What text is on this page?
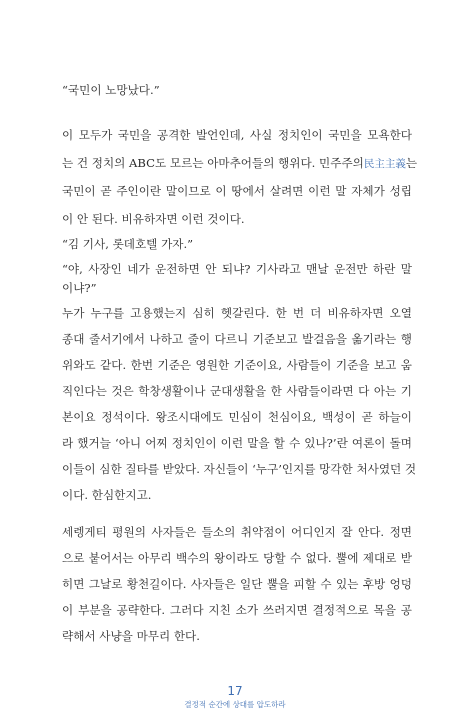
“국민이 노망났다.”
이 모두가 국민을 공격한 발언인데, 사실 정치인이 국민을 모욕한다
는 건 정치의 ABC도 모르는 아마추어들의 행위다. 민주주의民主主義는
국민이 곧 주인이란 말이므로 이 땅에서 살려면 이런 말 자체가 성립
이 안 된다. 비유하자면 이런 것이다.
“김 기사, 롯데호텔 가자.”
“야, 사장인 네가 운전하면 안 되냐? 기사라고 맨날 운전만 하란 말
이냐?”
누가 누구를 고용했는지 심히 헷갈린다. 한 번 더 비유하자면 오열
종대 줄서기에서 나하고 줄이 다르니 기준보고 발걸음을 옮기라는 행
위와도 같다. 한번 기준은 영원한 기준이요, 사람들이 기준을 보고 움
직인다는 것은 학창생활이나 군대생활을 한 사람들이라면 다 아는 기
본이요 정석이다. 왕조시대에도 민심이 천심이요, 백성이 곧 하늘이
라 했거늘 ‘아니 어찌 정치인이 이런 말을 할 수 있나?’란 여론이 돌며
이들이 심한 질타를 받았다. 자신들이 ‘누구’인지를 망각한 처사였던 것
이다. 한심한지고.
세렝게티 평원의 사자들은 들소의 취약점이 어디인지 잘 안다. 정면
으로 붙어서는 아무리 백수의 왕이라도 당할 수 없다. 뿔에 제대로 받
히면 그날로 황천길이다. 사자들은 일단 뿔을 피할 수 있는 후방 엉덩
이 부분을 공략한다. 그러다 지친 소가 쓰러지면 결정적으로 목을 공
략해서 사냥을 마무리 한다.
17
결정적 순간에 상대를 압도하라
